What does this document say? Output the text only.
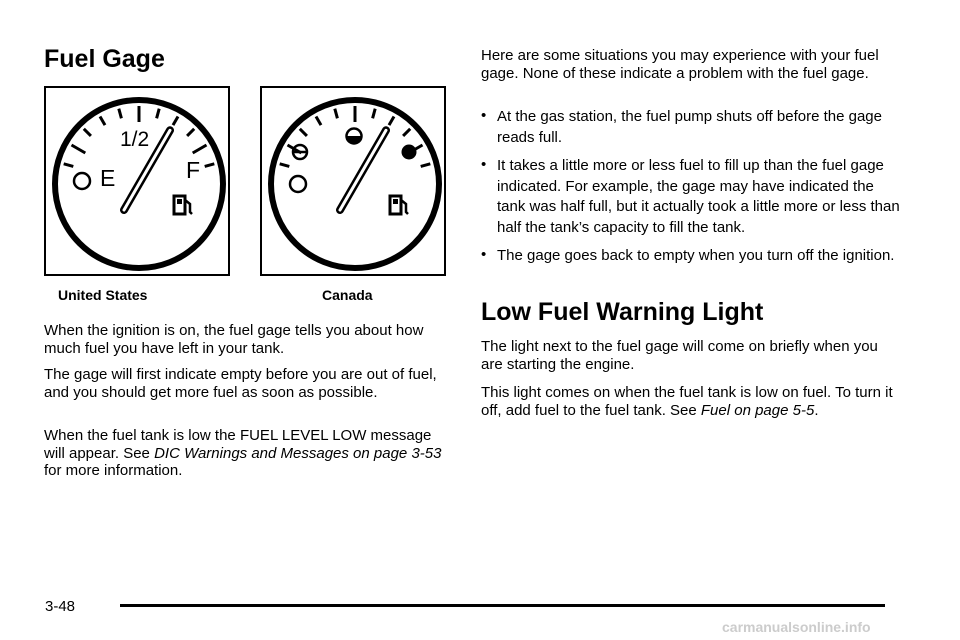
Fuel Gage
E
1/2
F
United States	Canada

When the ignition is on, the fuel gage tells you about how much fuel you have left in your tank.

The gage will first indicate empty before you are out of fuel, and you should get more fuel as soon as possible.

When the fuel tank is low the FUEL LEVEL LOW message will appear. See DIC Warnings and Messages on page 3-53 for more information.

Here are some situations you may experience with your fuel gage. None of these indicate a problem with the fuel gage.

• At the gas station, the fuel pump shuts off before the gage reads full.
• It takes a little more or less fuel to fill up than the fuel gage indicated. For example, the gage may have indicated the tank was half full, but it actually took a little more or less than half the tank’s capacity to fill the tank.
• The gage goes back to empty when you turn off the ignition.
Low Fuel Warning Light

The light next to the fuel gage will come on briefly when you are starting the engine.

This light comes on when the fuel tank is low on fuel. To turn it off, add fuel to the fuel tank. See Fuel on page 5-5.

3-48
carmanualsonline.info
